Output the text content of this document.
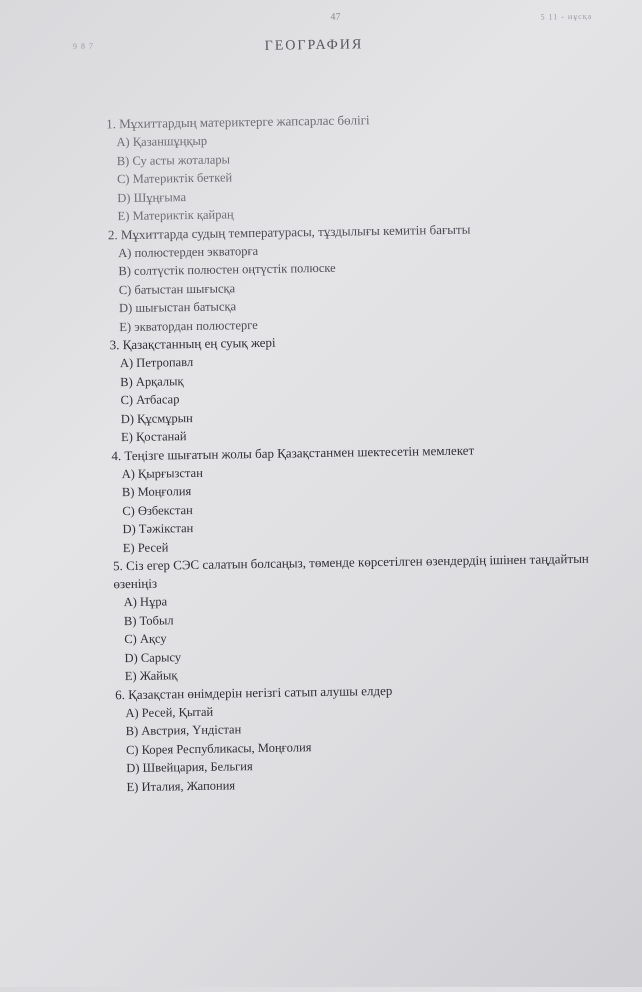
47	5 11 - нұсқа
9 8 7	ГЕОГРАФИЯ
1. Мұхиттардың материктерге жапсарлас бөлігі
А) Қазаншұңқыр
В) Су асты жоталары
С) Материктік беткей
D) Шұңғыма
Е) Материктік қайраң
2. Мұхиттарда судың температурасы, тұздылығы кемитін бағыты
А) полюстерден экваторға
В) солтүстік полюстен оңтүстік полюске
С) батыстан шығысқа
D) шығыстан батысқа
Е) экватордан полюстерге
3. Қазақстанның ең суық жері
А) Петропавл
В) Арқалық
С) Атбасар
D) Құсмұрын
Е) Қостанай
4. Теңізге шығатын жолы бар Қазақстанмен шектесетін мемлекет
А) Қырғызстан
В) Моңғолия
С) Өзбекстан
D) Тәжікстан
Е) Ресей
5. Сіз егер СЭС салатын болсаңыз, төменде көрсетілген өзендердің ішінен таңдайтын өзеніңіз
А) Нұра
В) Тобыл
С) Ақсу
D) Сарысу
Е) Жайық
6. Қазақстан өнімдерін негізгі сатып алушы елдер
А) Ресей, Қытай
В) Австрия, Үндістан
С) Корея Республикасы, Моңғолия
D) Швейцария, Бельгия
Е) Италия, Жапония
